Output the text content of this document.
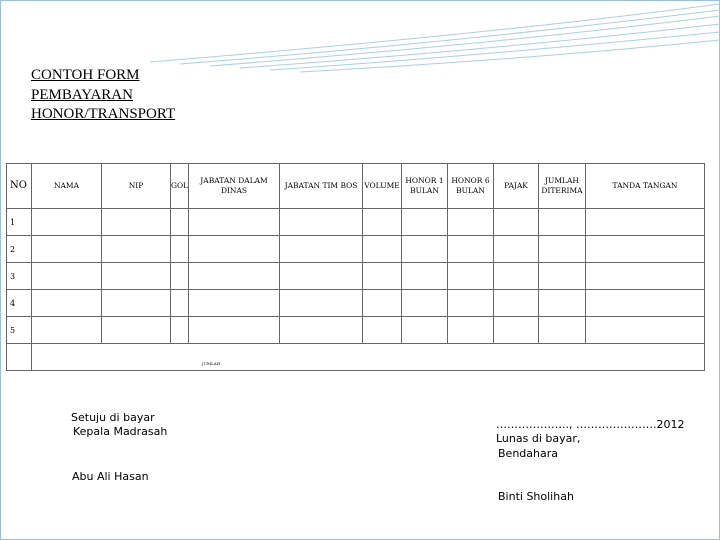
CONTOH FORM
PEMBAYARAN
HONOR/TRANSPORT
NO	NAMA	NIP	GOL	JABATAN DALAM DINAS	JABATAN TIM BOS	VOLUME	HONOR 1 BULAN	HONOR 6 BULAN	PAJAK	JUMLAH DITERIMA	TANDA TANGAN
1											
2											
3											
4											
5											
	JUMLAH										
Setuju di bayar
Kepala Madrasah
Abu Ali Hasan
……………….., ………………….2012
Lunas di bayar,
Bendahara
Binti Sholihah
